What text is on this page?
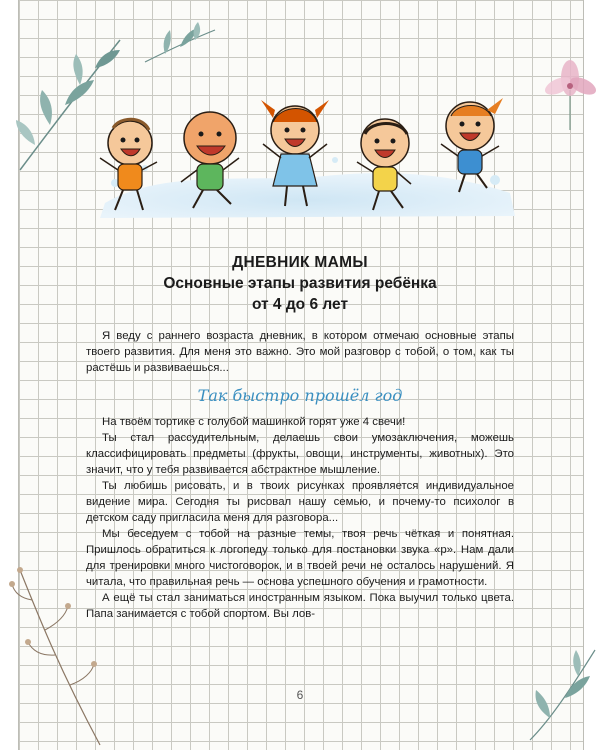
ДНЕВНИК МАМЫ
Основные этапы развития ребёнка
от 4 до 6 лет

Я веду с раннего возраста дневник, в котором отмечаю основные этапы твоего развития. Для меня это важно. Это мой разговор с тобой, о том, как ты растёшь и развиваешься...

Так быстро прошёл год

На твоём тортике с голубой машинкой горят уже 4 свечи!

Ты стал рассудительным, делаешь свои умозаключения, можешь классифицировать предметы (фрукты, овощи, инструменты, животных). Это значит, что у тебя развивается абстрактное мышление.

Ты любишь рисовать, и в твоих рисунках проявляется индивидуальное видение мира. Сегодня ты рисовал нашу семью, и почему-то психолог в детском саду пригласила меня для разговора...

Мы беседуем с тобой на разные темы, твоя речь чёткая и понятная. Пришлось обратиться к логопеду только для постановки звука «р». Нам дали для тренировки много чистоговорок, и в твоей речи не осталось нарушений. Я читала, что правильная речь — основа успешного обучения и грамотности.

А ещё ты стал заниматься иностранным языком. Пока выучил только цвета. Папа занимается с тобой спортом. Вы лов-

6
